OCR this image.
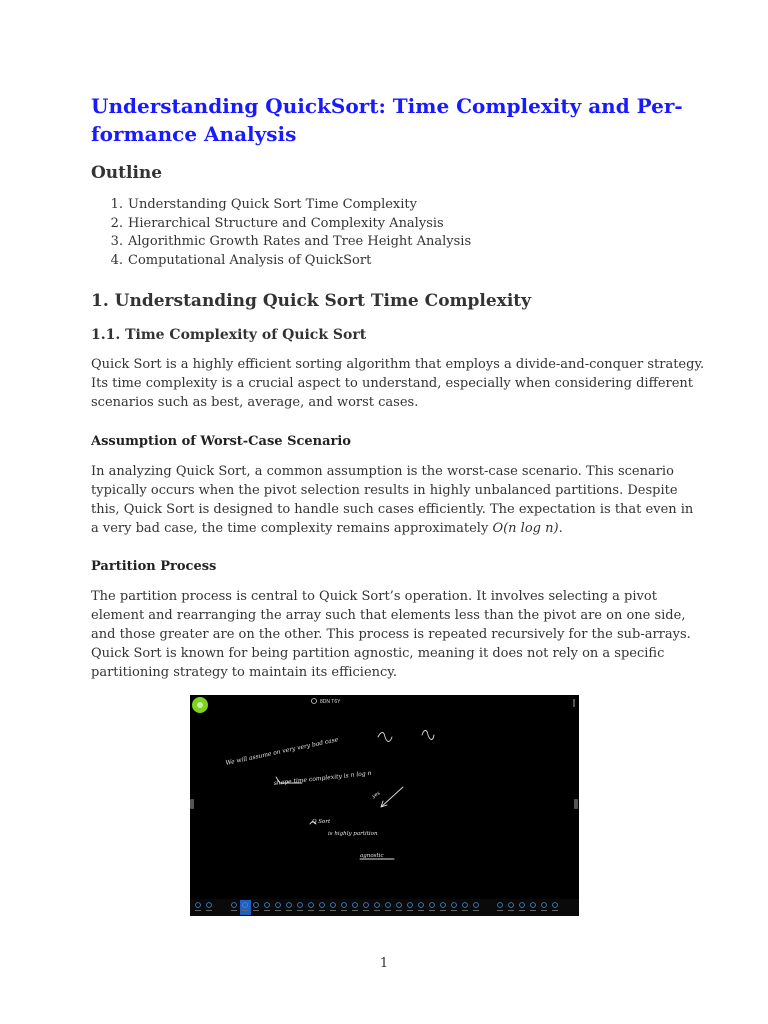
Understanding QuickSort: Time Complexity and Per-
formance Analysis
Outline
1. Understanding Quick Sort Time Complexity
2. Hierarchical Structure and Complexity Analysis
3. Algorithmic Growth Rates and Tree Height Analysis
4. Computational Analysis of QuickSort
1. Understanding Quick Sort Time Complexity
1.1. Time Complexity of Quick Sort

Quick Sort is a highly efficient sorting algorithm that employs a divide-and-conquer strategy.
Its time complexity is a crucial aspect to understand, especially when considering different
scenarios such as best, average, and worst cases.

Assumption of Worst-Case Scenario

In analyzing Quick Sort, a common assumption is the worst-case scenario. This scenario
typically occurs when the pivot selection results in highly unbalanced partitions. Despite
this, Quick Sort is designed to handle such cases efficiently. The expectation is that even in
a very bad case, the time complexity remains approximately O(n log n).

Partition Process

The partition process is central to Quick Sort’s operation. It involves selecting a pivot
element and rearranging the array such that elements less than the pivot are on one side,
and those greater are on the other. This process is repeated recursively for the sub-arrays.
Quick Sort is known for being partition agnostic, meaning it does not rely on a specific
partitioning strategy to maintain its efficiency.

8DN T6Y
We will assume on very very bad case
shape time complexity is n log n
yes
Q Sort
is highly partition
agnostic
1
